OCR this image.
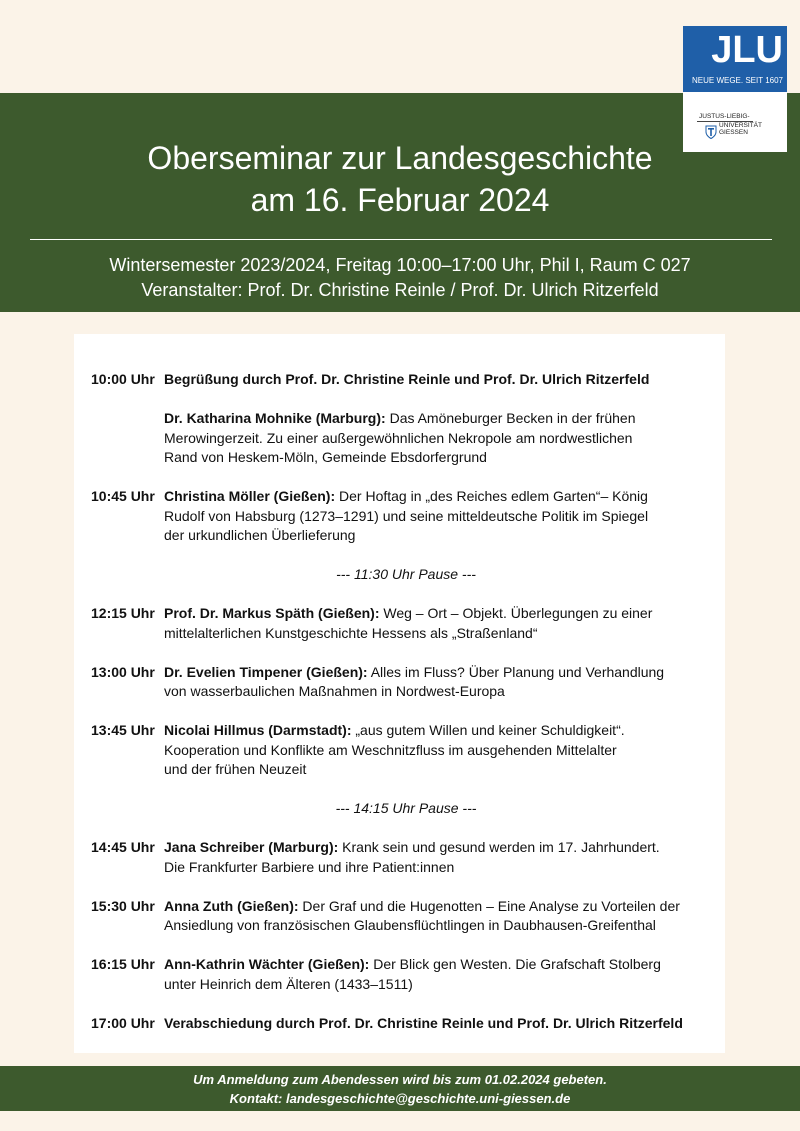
JLU
NEUE WEGE. SEIT 1607
JUSTUS-LIEBIG-
UNIVERSITÄT
GIESSEN
Oberseminar zur Landesgeschichte
am 16. Februar 2024
Wintersemester 2023/2024, Freitag 10:00–17:00 Uhr, Phil I, Raum C 027
Veranstalter: Prof. Dr. Christine Reinle / Prof. Dr. Ulrich Ritzerfeld
10:00 Uhr Begrüßung durch Prof. Dr. Christine Reinle und Prof. Dr. Ulrich Ritzerfeld
Dr. Katharina Mohnike (Marburg): Das Amöneburger Becken in der frühen
Merowingerzeit. Zu einer außergewöhnlichen Nekropole am nordwestlichen
Rand von Heskem-Möln, Gemeinde Ebsdorfergrund
10:45 Uhr Christina Möller (Gießen): Der Hoftag in „des Reiches edlem Garten“– König
Rudolf von Habsburg (1273–1291) und seine mitteldeutsche Politik im Spiegel
der urkundlichen Überlieferung
--- 11:30 Uhr Pause ---
12:15 Uhr Prof. Dr. Markus Späth (Gießen): Weg – Ort – Objekt. Überlegungen zu einer
mittelalterlichen Kunstgeschichte Hessens als „Straßenland“
13:00 Uhr Dr. Evelien Timpener (Gießen): Alles im Fluss? Über Planung und Verhandlung
von wasserbaulichen Maßnahmen in Nordwest-Europa
13:45 Uhr Nicolai Hillmus (Darmstadt): „aus gutem Willen und keiner Schuldigkeit“.
Kooperation und Konflikte am Weschnitzfluss im ausgehenden Mittelalter
und der frühen Neuzeit
--- 14:15 Uhr Pause ---
14:45 Uhr Jana Schreiber (Marburg): Krank sein und gesund werden im 17. Jahrhundert.
Die Frankfurter Barbiere und ihre Patient:innen
15:30 Uhr Anna Zuth (Gießen): Der Graf und die Hugenotten – Eine Analyse zu Vorteilen der
Ansiedlung von französischen Glaubensflüchtlingen in Daubhausen-Greifenthal
16:15 Uhr Ann-Kathrin Wächter (Gießen): Der Blick gen Westen. Die Grafschaft Stolberg
unter Heinrich dem Älteren (1433–1511)
17:00 Uhr Verabschiedung durch Prof. Dr. Christine Reinle und Prof. Dr. Ulrich Ritzerfeld
Um Anmeldung zum Abendessen wird bis zum 01.02.2024 gebeten.
Kontakt: landesgeschichte@geschichte.uni-giessen.de
